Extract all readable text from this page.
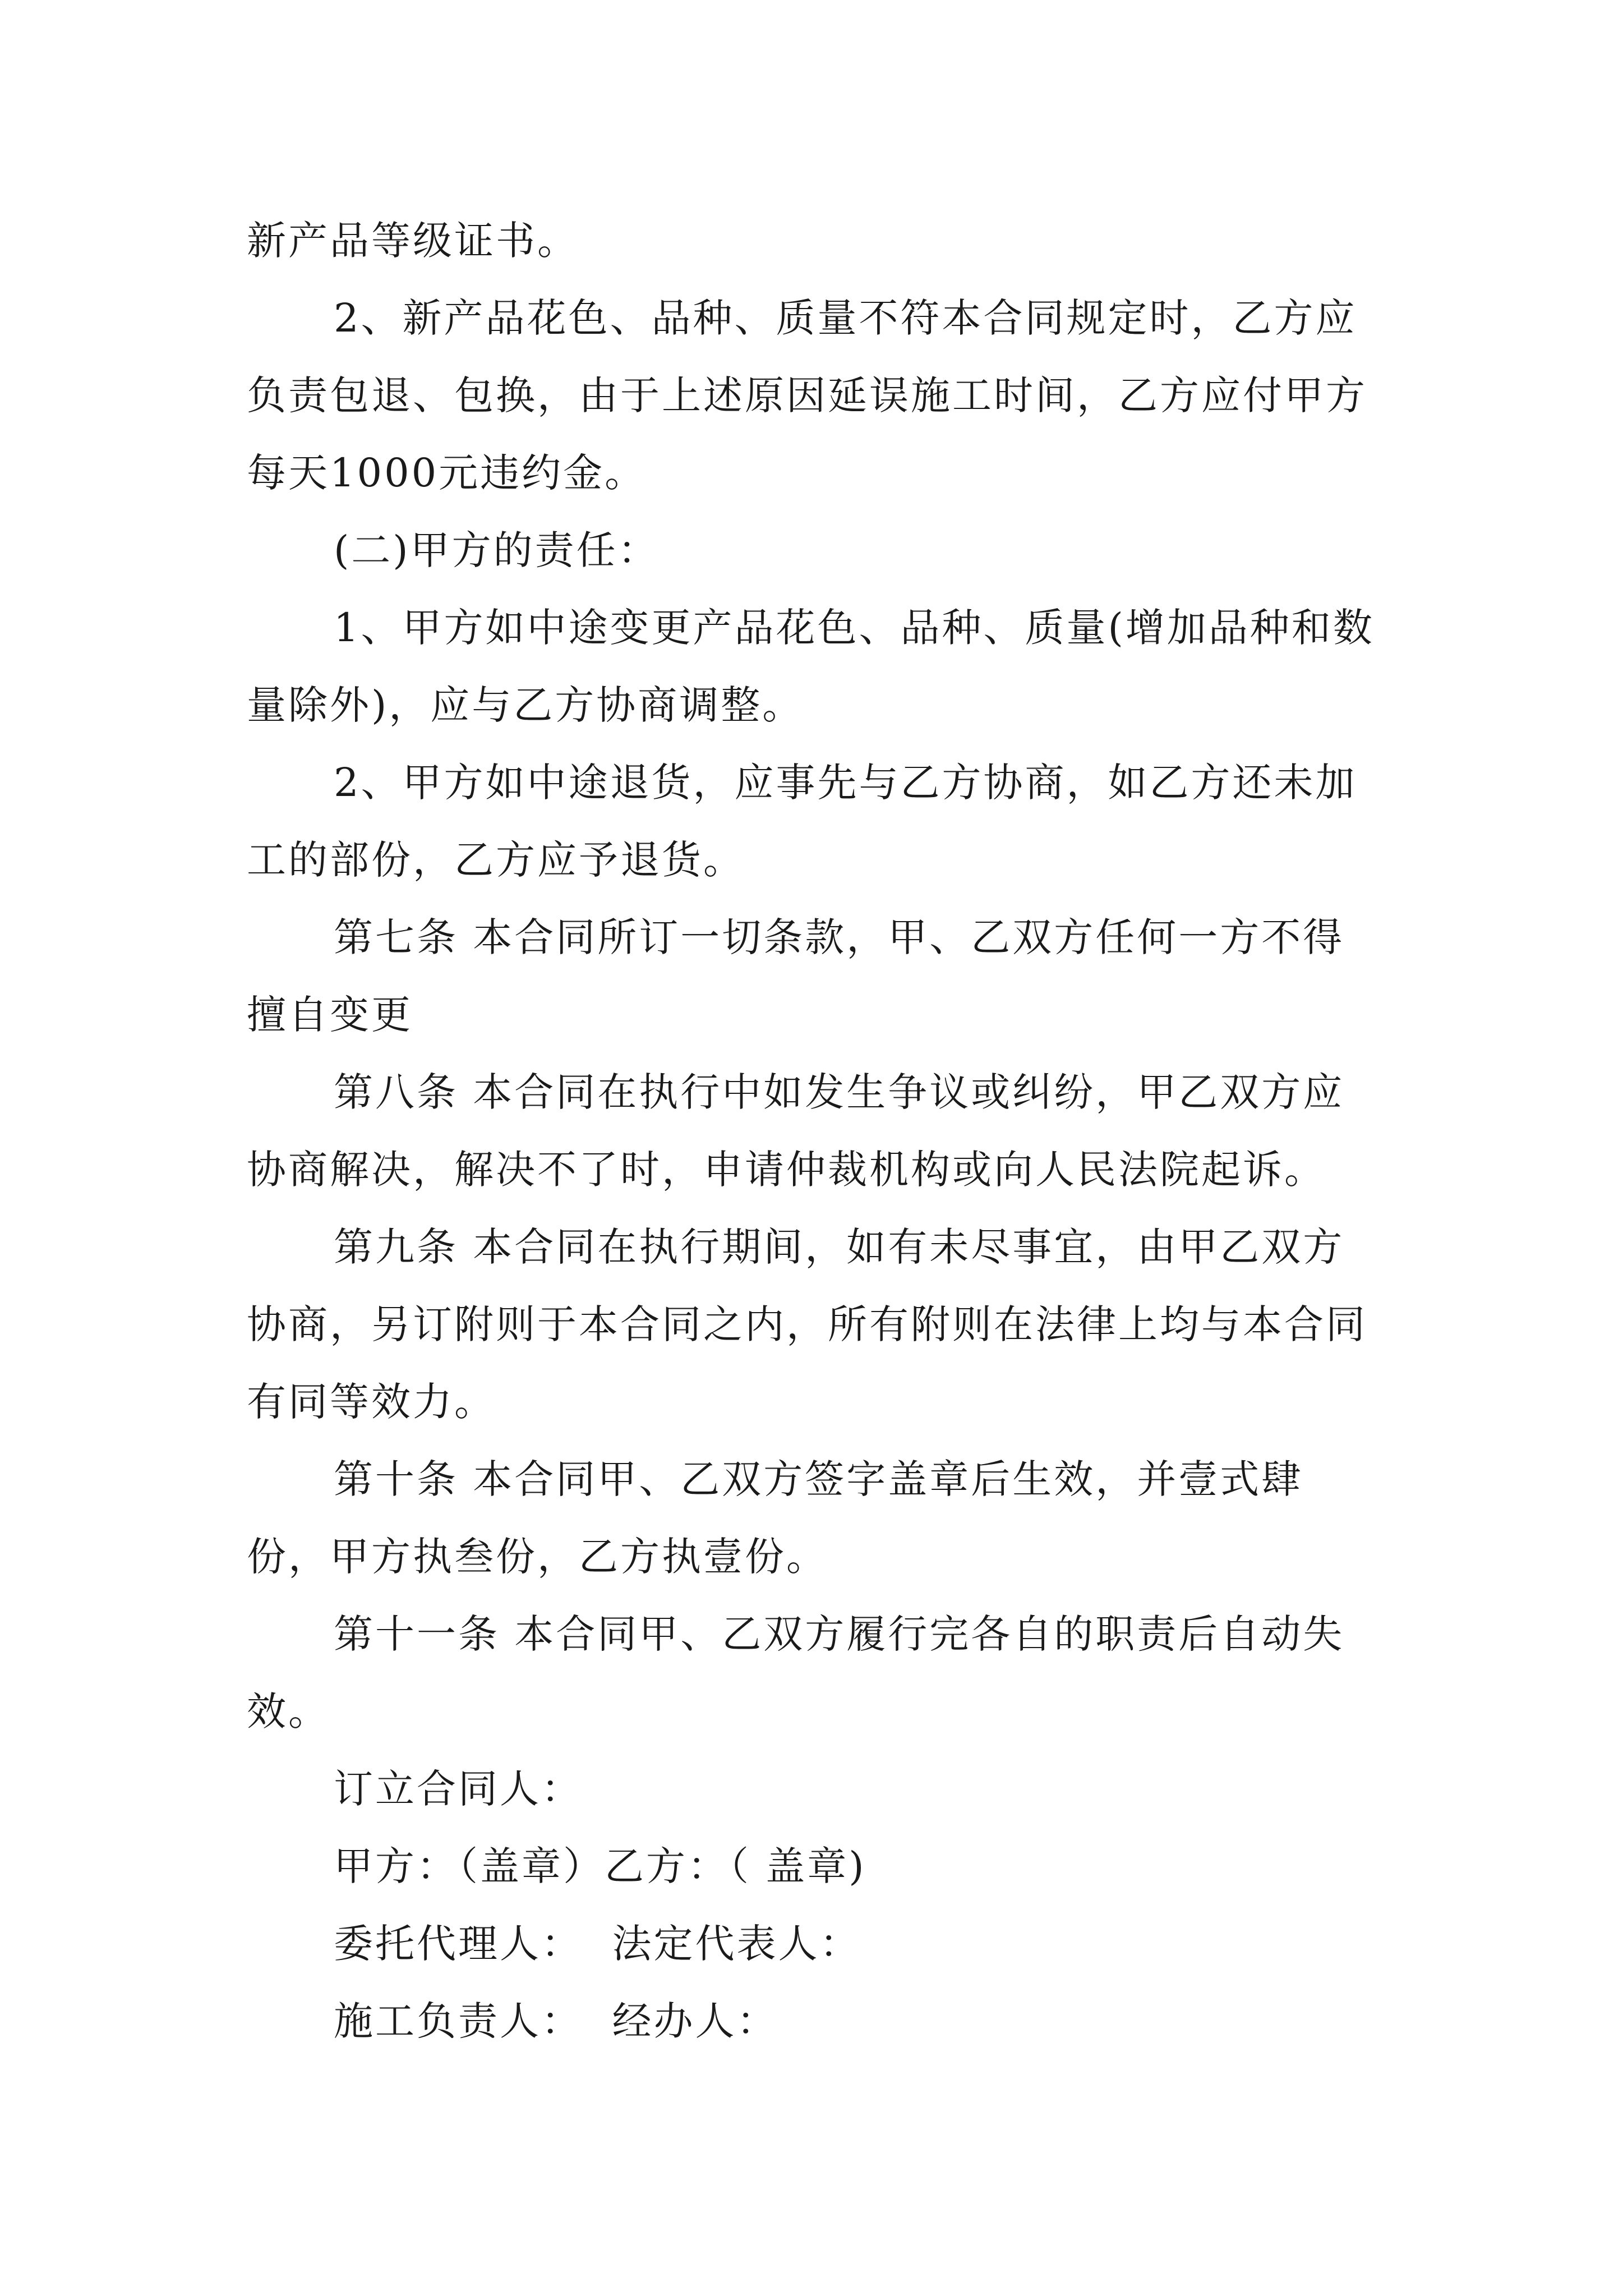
新产品等级证书。

2、新产品花色、品种、质量不符本合同规定时，乙方应负责包退、包换，由于上述原因延误施工时间，乙方应付甲方每天1000元违约金。

(二)甲方的责任：

1、甲方如中途变更产品花色、品种、质量(增加品种和数量除外)，应与乙方协商调整。

2、甲方如中途退货，应事先与乙方协商，如乙方还未加工的部份，乙方应予退货。

第七条 本合同所订一切条款，甲、乙双方任何一方不得擅自变更

第八条 本合同在执行中如发生争议或纠纷，甲乙双方应协商解决，解决不了时，申请仲裁机构或向人民法院起诉。

第九条 本合同在执行期间，如有未尽事宜，由甲乙双方协商，另订附则于本合同之内，所有附则在法律上均与本合同有同等效力。

第十条 本合同甲、乙双方签字盖章后生效，并壹式肆份，甲方执叁份，乙方执壹份。

第十一条 本合同甲、乙双方履行完各自的职责后自动失效。

订立合同人：

甲方：（盖章）乙方：（ 盖章)

委托代理人：  法定代表人：

施工负责人：  经办人：
